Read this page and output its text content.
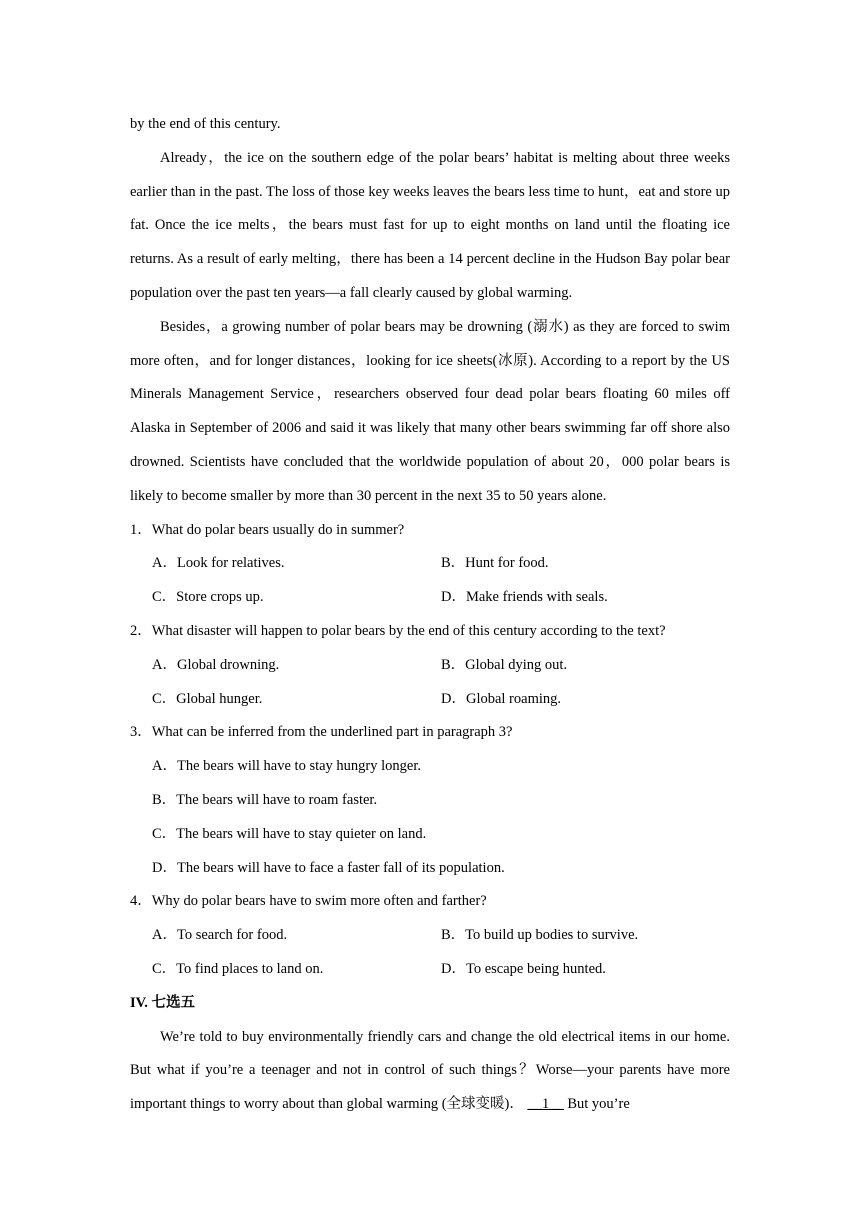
by the end of this century.

Already，the ice on the southern edge of the polar bears’ habitat is melting about three weeks earlier than in the past. The loss of those key weeks leaves the bears less time to hunt，eat and store up fat. Once the ice melts，the bears must fast for up to eight months on land until the floating ice returns. As a result of early melting，there has been a 14 percent decline in the Hudson Bay polar bear population over the past ten years—a fall clearly caused by global warming.

Besides，a growing number of polar bears may be drowning (溺水) as they are forced to swim more often，and for longer distances，looking for ice sheets(冰原). According to a report by the US Minerals Management Service，researchers observed four dead polar bears floating 60 miles off Alaska in September of 2006 and said it was likely that many other bears swimming far off shore also drowned. Scientists have concluded that the worldwide population of about 20，000 polar bears is likely to become smaller by more than 30 percent in the next 35 to 50 years alone.

1．What do polar bears usually do in summer?

A．Look for relatives.	B．Hunt for food.
C．Store crops up.	D．Make friends with seals.

2．What disaster will happen to polar bears by the end of this century according to the text?

A．Global drowning.	B．Global dying out.
C．Global hunger.	D．Global roaming.

3．What can be inferred from the underlined part in paragraph 3?

A．The bears will have to stay hungry longer.
B．The bears will have to roam faster.
C．The bears will have to stay quieter on land.
D．The bears will have to face a faster fall of its population.

4．Why do polar bears have to swim more often and farther?

A．To search for food.	B．To build up bodies to survive.
C．To find places to land on.	D．To escape being hunted.

IV. 七选五

We’re told to buy environmentally friendly cars and change the old electrical items in our home. But what if you’re a teenager and not in control of such things？Worse—your parents have more important things to worry about than global warming (全球变暖)． __1__ But you’re
